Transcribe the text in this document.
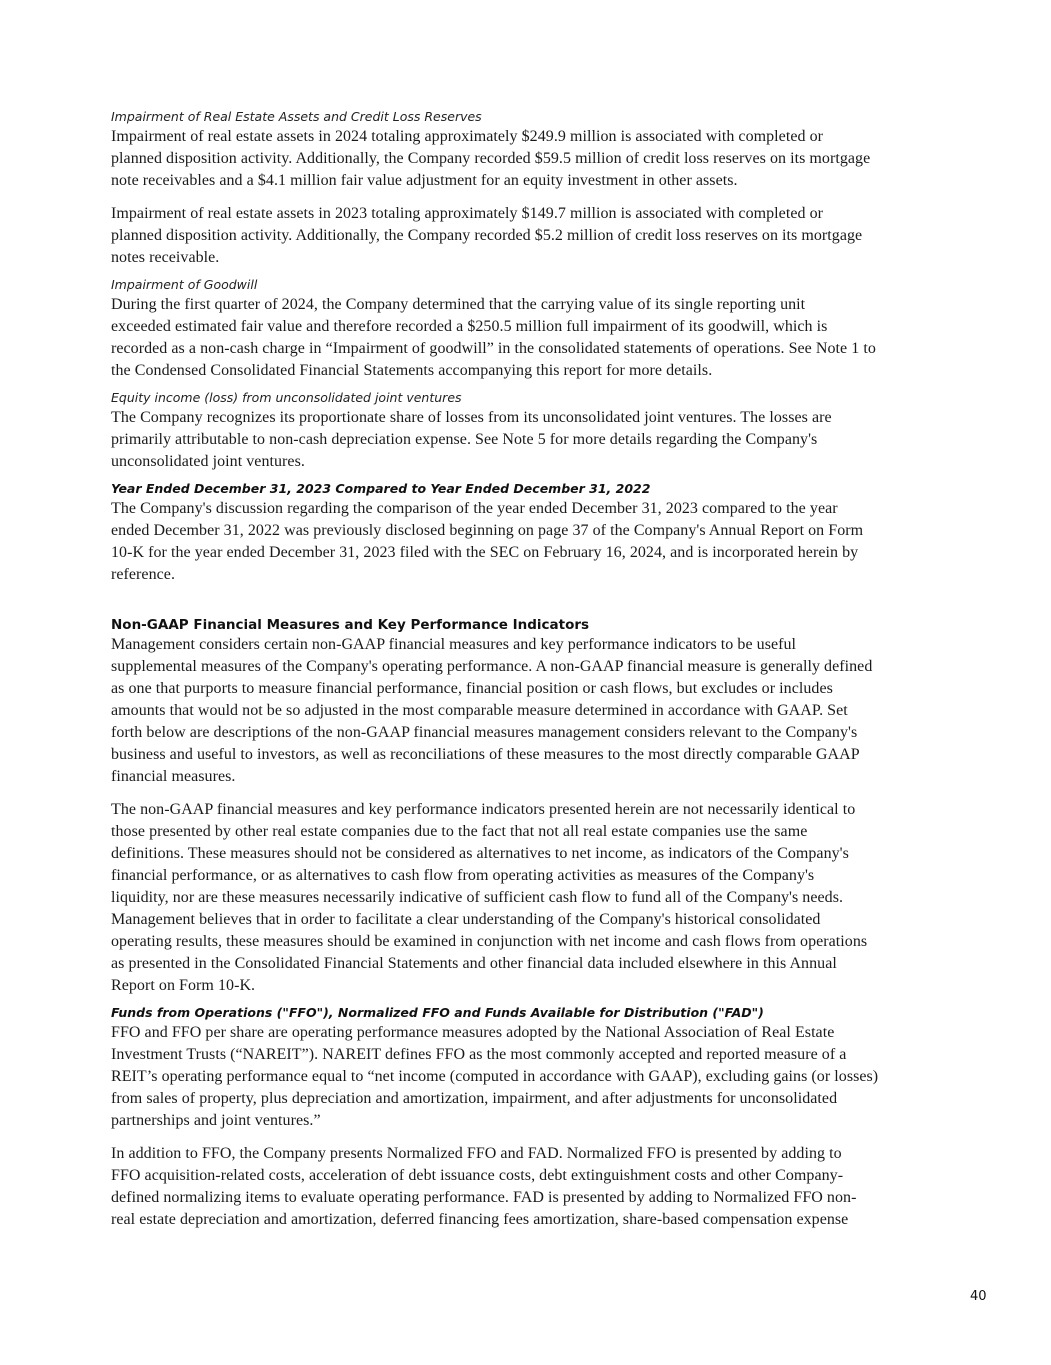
Impairment of Real Estate Assets and Credit Loss Reserves
Impairment of real estate assets in 2024 totaling approximately $249.9 million is associated with completed or
planned disposition activity. Additionally, the Company recorded $59.5 million of credit loss reserves on its mortgage
note receivables and a $4.1 million fair value adjustment for an equity investment in other assets.
Impairment of real estate assets in 2023 totaling approximately $149.7 million is associated with completed or
planned disposition activity. Additionally, the Company recorded $5.2 million of credit loss reserves on its mortgage
notes receivable.
Impairment of Goodwill
During the first quarter of 2024, the Company determined that the carrying value of its single reporting unit
exceeded estimated fair value and therefore recorded a $250.5 million full impairment of its goodwill, which is
recorded as a non-cash charge in “Impairment of goodwill” in the consolidated statements of operations. See Note 1 to
the Condensed Consolidated Financial Statements accompanying this report for more details.
Equity income (loss) from unconsolidated joint ventures
The Company recognizes its proportionate share of losses from its unconsolidated joint ventures. The losses are
primarily attributable to non-cash depreciation expense. See Note 5 for more details regarding the Company's
unconsolidated joint ventures.
Year Ended December 31, 2023 Compared to Year Ended December 31, 2022
The Company's discussion regarding the comparison of the year ended December 31, 2023 compared to the year
ended December 31, 2022 was previously disclosed beginning on page 37 of the Company's Annual Report on Form
10-K for the year ended December 31, 2023 filed with the SEC on February 16, 2024, and is incorporated herein by
reference.
Non-GAAP Financial Measures and Key Performance Indicators
Management considers certain non-GAAP financial measures and key performance indicators to be useful
supplemental measures of the Company's operating performance. A non-GAAP financial measure is generally defined
as one that purports to measure financial performance, financial position or cash flows, but excludes or includes
amounts that would not be so adjusted in the most comparable measure determined in accordance with GAAP. Set
forth below are descriptions of the non-GAAP financial measures management considers relevant to the Company's
business and useful to investors, as well as reconciliations of these measures to the most directly comparable GAAP
financial measures.
The non-GAAP financial measures and key performance indicators presented herein are not necessarily identical to
those presented by other real estate companies due to the fact that not all real estate companies use the same
definitions. These measures should not be considered as alternatives to net income, as indicators of the Company's
financial performance, or as alternatives to cash flow from operating activities as measures of the Company's
liquidity, nor are these measures necessarily indicative of sufficient cash flow to fund all of the Company's needs.
Management believes that in order to facilitate a clear understanding of the Company's historical consolidated
operating results, these measures should be examined in conjunction with net income and cash flows from operations
as presented in the Consolidated Financial Statements and other financial data included elsewhere in this Annual
Report on Form 10-K.
Funds from Operations ("FFO"), Normalized FFO and Funds Available for Distribution ("FAD")
FFO and FFO per share are operating performance measures adopted by the National Association of Real Estate
Investment Trusts (“NAREIT”). NAREIT defines FFO as the most commonly accepted and reported measure of a
REIT’s operating performance equal to “net income (computed in accordance with GAAP), excluding gains (or losses)
from sales of property, plus depreciation and amortization, impairment, and after adjustments for unconsolidated
partnerships and joint ventures.”
In addition to FFO, the Company presents Normalized FFO and FAD. Normalized FFO is presented by adding to
FFO acquisition-related costs, acceleration of debt issuance costs, debt extinguishment costs and other Company-
defined normalizing items to evaluate operating performance. FAD is presented by adding to Normalized FFO non-
real estate depreciation and amortization, deferred financing fees amortization, share-based compensation expense
40
